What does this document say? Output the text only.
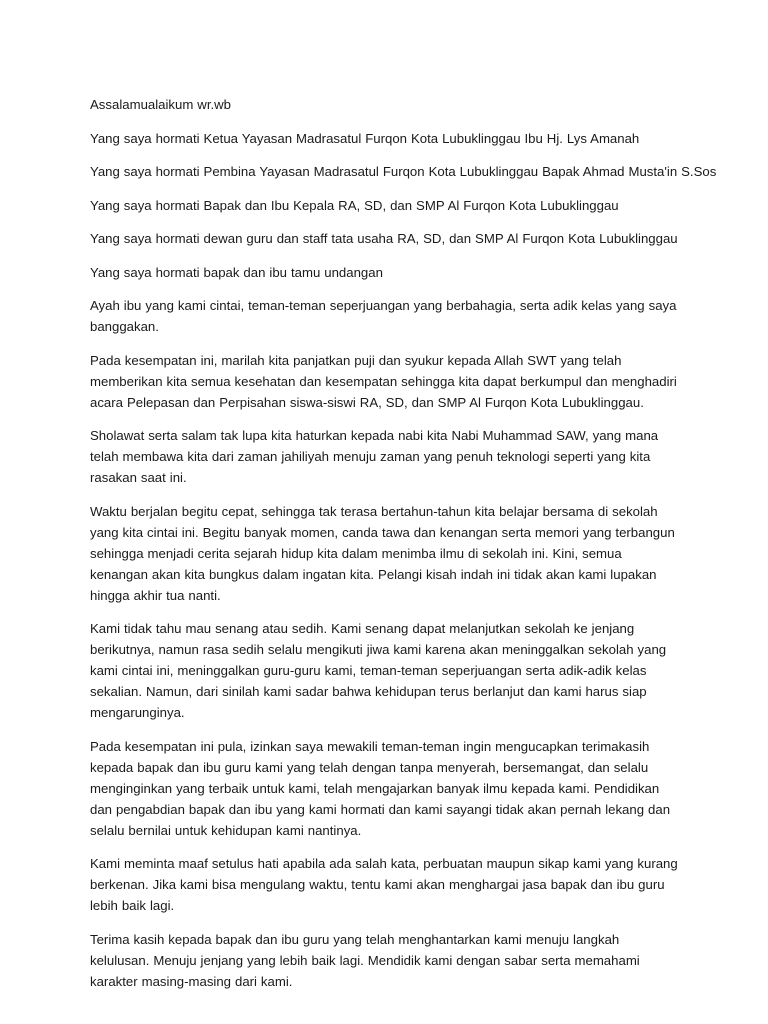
Assalamualaikum wr.wb

Yang saya hormati Ketua Yayasan Madrasatul Furqon Kota Lubuklinggau Ibu Hj. Lys Amanah

Yang saya hormati Pembina Yayasan Madrasatul Furqon Kota Lubuklinggau Bapak Ahmad Musta'in S.Sos

Yang saya hormati Bapak dan Ibu Kepala RA, SD, dan SMP Al Furqon Kota Lubuklinggau

Yang saya hormati dewan guru dan staff tata usaha RA, SD, dan SMP Al Furqon Kota Lubuklinggau

Yang saya hormati bapak dan ibu tamu undangan

Ayah ibu yang kami cintai, teman-teman seperjuangan yang berbahagia, serta adik kelas yang saya banggakan.

Pada kesempatan ini, marilah kita panjatkan puji dan syukur kepada Allah SWT yang telah memberikan kita semua kesehatan dan kesempatan sehingga kita dapat berkumpul dan menghadiri acara Pelepasan dan Perpisahan siswa-siswi RA, SD, dan SMP Al Furqon Kota Lubuklinggau.

Sholawat serta salam tak lupa kita haturkan kepada nabi kita Nabi Muhammad SAW, yang mana telah membawa kita dari zaman jahiliyah menuju zaman yang penuh teknologi seperti yang kita rasakan saat ini.

Waktu berjalan begitu cepat, sehingga tak terasa bertahun-tahun kita belajar bersama di sekolah yang kita cintai ini. Begitu banyak momen, canda tawa dan kenangan serta memori yang terbangun sehingga menjadi cerita sejarah hidup kita dalam menimba ilmu di sekolah ini. Kini, semua kenangan akan kita bungkus dalam ingatan kita. Pelangi kisah indah ini tidak akan kami lupakan hingga akhir tua nanti.

Kami tidak tahu mau senang atau sedih. Kami senang dapat melanjutkan sekolah ke jenjang berikutnya, namun rasa sedih selalu mengikuti jiwa kami karena akan meninggalkan sekolah yang kami cintai ini, meninggalkan guru-guru kami, teman-teman seperjuangan serta adik-adik kelas sekalian. Namun, dari sinilah kami sadar bahwa kehidupan terus berlanjut dan kami harus siap mengarunginya.

Pada kesempatan ini pula, izinkan saya mewakili teman-teman ingin mengucapkan terimakasih kepada bapak dan ibu guru kami yang telah dengan tanpa menyerah, bersemangat, dan selalu menginginkan yang terbaik untuk kami, telah mengajarkan banyak ilmu kepada kami. Pendidikan dan pengabdian bapak dan ibu yang kami hormati dan kami sayangi tidak akan pernah lekang dan selalu bernilai untuk kehidupan kami nantinya.

Kami meminta maaf setulus hati apabila ada salah kata, perbuatan maupun sikap kami yang kurang berkenan. Jika kami bisa mengulang waktu, tentu kami akan menghargai jasa bapak dan ibu guru lebih baik lagi.

Terima kasih kepada bapak dan ibu guru yang telah menghantarkan kami menuju langkah kelulusan. Menuju jenjang yang lebih baik lagi. Mendidik kami dengan sabar serta memahami karakter masing-masing dari kami.
